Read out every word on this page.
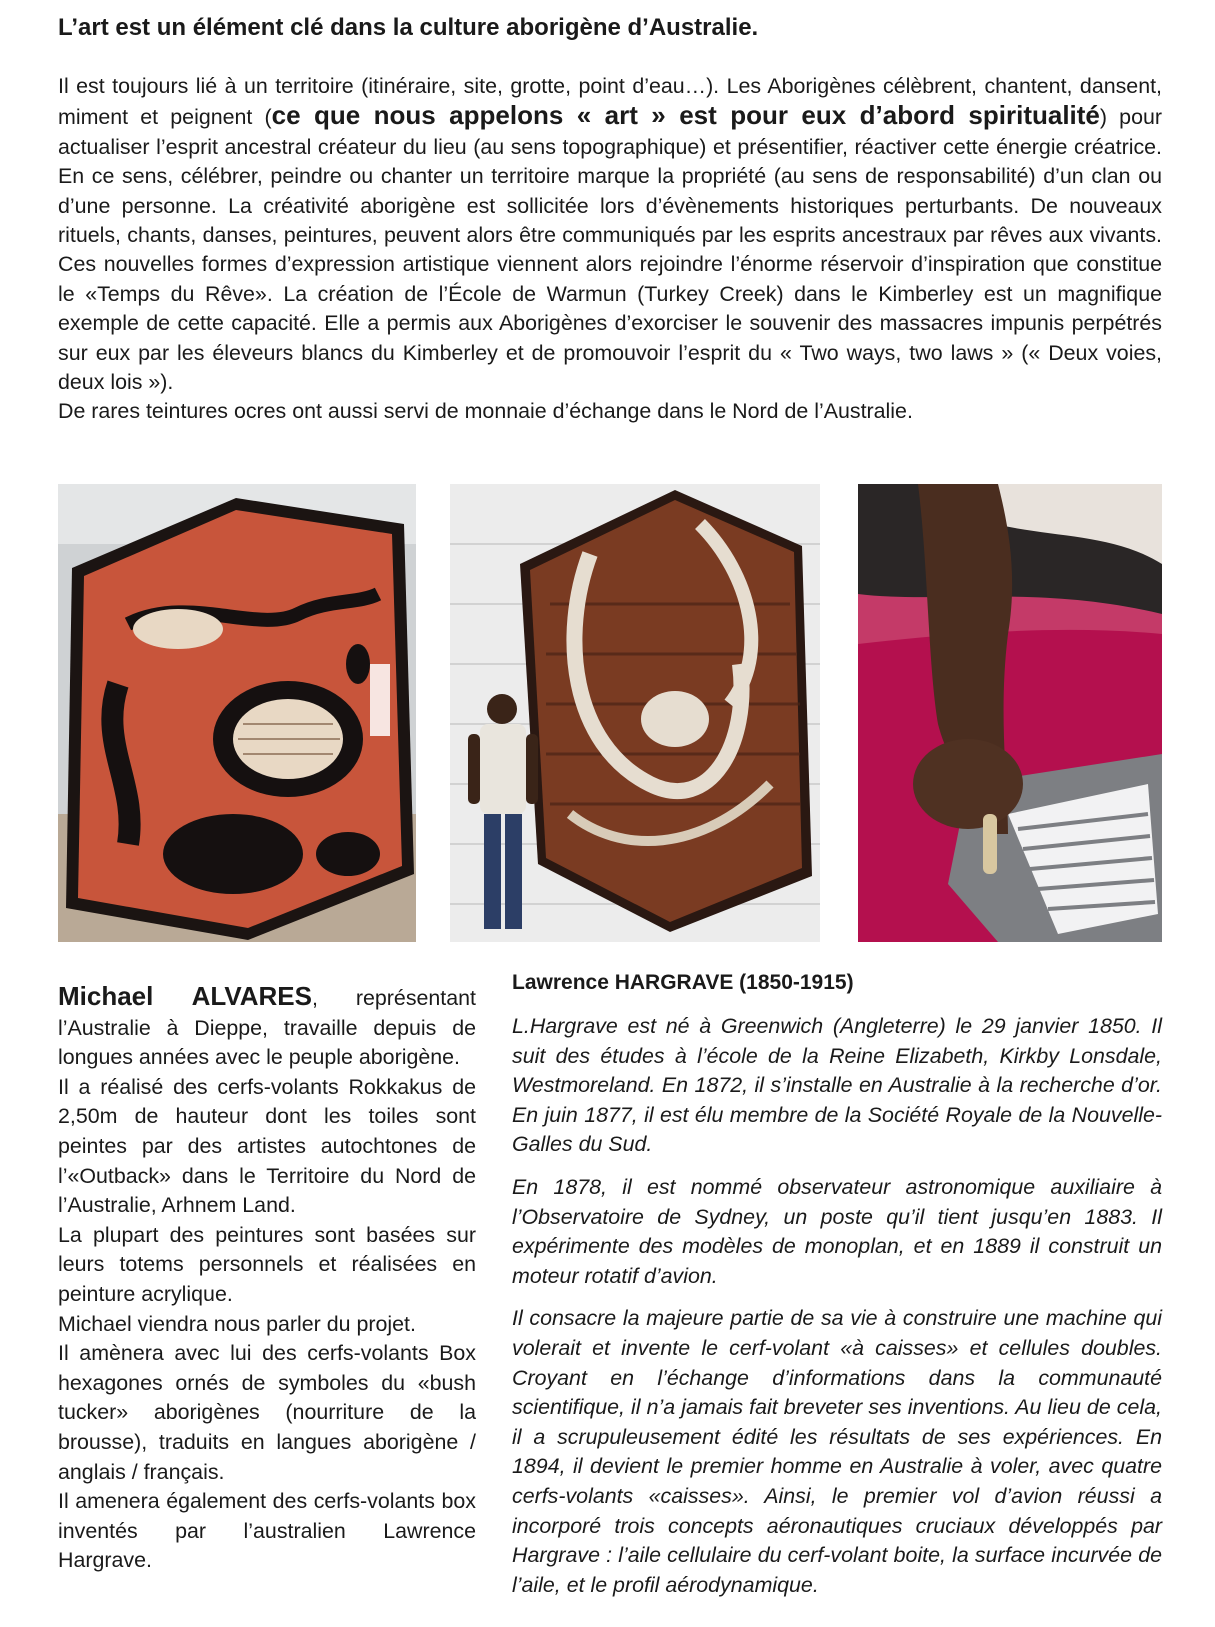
L’art est un élément clé dans la culture aborigène d’Australie.

Il est toujours lié à un territoire (itinéraire, site, grotte, point d’eau…). Les Aborigènes célèbrent, chantent, dansent, miment et peignent (ce que nous appelons « art » est pour eux d’abord spiritualité) pour actualiser l’esprit ancestral créateur du lieu (au sens topographique) et présentifier, réactiver cette énergie créatrice. En ce sens, célébrer, peindre ou chanter un territoire marque la propriété (au sens de responsabilité) d’un clan ou d’une personne. La créativité aborigène est sollicitée lors d’évènements historiques perturbants. De nouveaux rituels, chants, danses, peintures, peuvent alors être communiqués par les esprits ancestraux par rêves aux vivants. Ces nouvelles formes d’expression artistique viennent alors rejoindre l’énorme réservoir d’inspiration que constitue le «Temps du Rêve». La création de l’École de Warmun (Turkey Creek) dans le Kimberley est un magnifique exemple de cette capacité. Elle a permis aux Aborigènes d’exorciser le souvenir des massacres impunis perpétrés sur eux par les éleveurs blancs du Kimberley et de promouvoir l’esprit du « Two ways, two laws » (« Deux voies, deux lois »).

De rares teintures ocres ont aussi servi de monnaie d’échange dans le Nord de l’Australie.

Michael ALVARES, représentant l’Australie à Dieppe, travaille depuis de longues années avec le peuple aborigène.

Il a réalisé des cerfs-volants Rokkakus de 2,50m de hauteur dont les toiles sont peintes par des artistes autochtones de l’«Outback» dans le Territoire du Nord de l’Australie, Arhnem Land.

La plupart des peintures sont basées sur leurs totems personnels et réalisées en peinture acrylique.

Michael viendra nous parler du projet.

Il amènera avec lui des cerfs-volants Box hexagones ornés de symboles du «bush tucker» aborigènes (nourriture de la brousse), traduits en langues aborigène / anglais / français.

Il amenera également des cerfs-volants box inventés par l’australien Lawrence Hargrave.

Lawrence HARGRAVE (1850-1915)

L.Hargrave est né à Greenwich (Angleterre) le 29 janvier 1850. Il suit des études à l’école de la Reine Elizabeth, Kirkby Lonsdale, Westmoreland. En 1872, il s’installe en Australie à la recherche d’or. En juin 1877, il est élu membre de la Société Royale de la Nouvelle-Galles du Sud.

En 1878, il est nommé observateur astronomique auxiliaire à l’Observatoire de Sydney, un poste qu’il tient jusqu’en 1883. Il expérimente des modèles de monoplan, et en 1889 il construit un moteur rotatif d’avion.

Il consacre la majeure partie de sa vie à construire une machine qui volerait et invente le cerf-volant «à caisses» et cellules doubles. Croyant en l’échange d’informations dans la communauté scientifique, il n’a jamais fait breveter ses inventions. Au lieu de cela, il a scrupuleusement édité les résultats de ses expériences. En 1894, il devient le premier homme en Australie à voler, avec quatre cerfs-volants «caisses». Ainsi, le premier vol d’avion réussi a incorporé trois concepts aéronautiques cruciaux développés par Hargrave : l’aile cellulaire du cerf-volant boite, la surface incurvée de l’aile, et le profil aérodynamique.
